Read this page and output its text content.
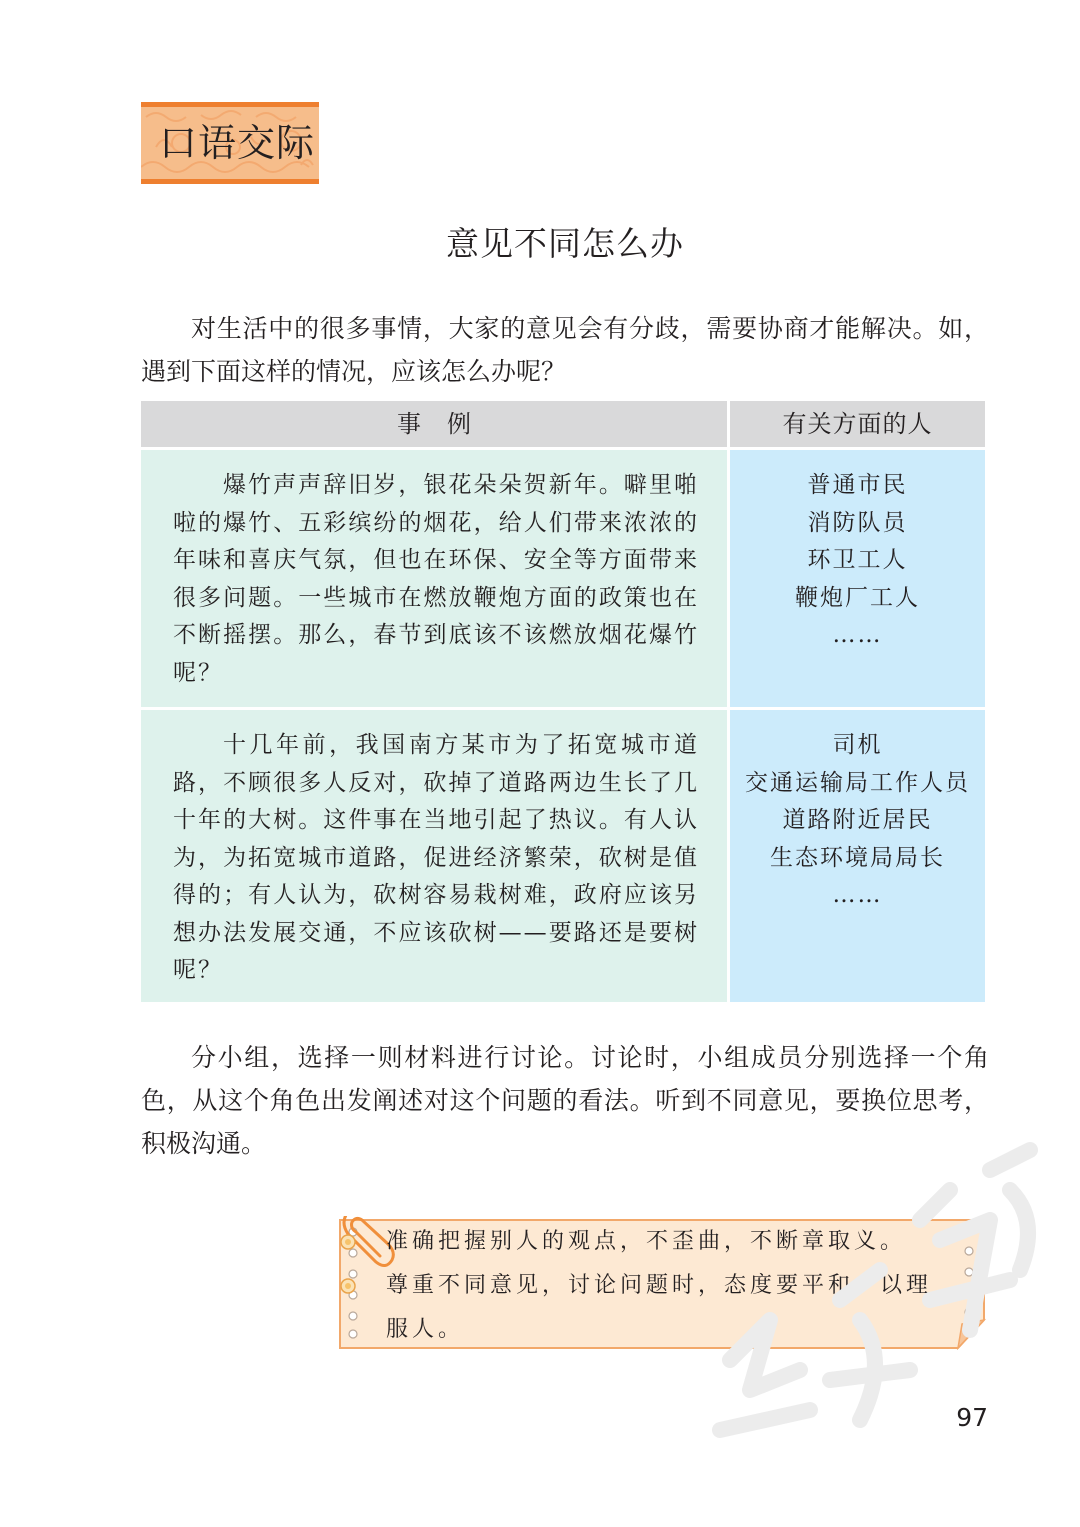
口语交际
意见不同怎么办
对生活中的很多事情，大家的意见会有分歧，需要协商才能解决。如，遇到下面这样的情况，应该怎么办呢？
事例	有关方面的人

爆竹声声辞旧岁，银花朵朵贺新年。噼里啪啦的爆竹、五彩缤纷的烟花，给人们带来浓浓的年味和喜庆气氛，但也在环保、安全等方面带来很多问题。一些城市在燃放鞭炮方面的政策也在不断摇摆。那么，春节到底该不该燃放烟花爆竹呢？

普通市民
消防队员
环卫工人
鞭炮厂工人
……

十几年前，我国南方某市为了拓宽城市道路，不顾很多人反对，砍掉了道路两边生长了几十年的大树。这件事在当地引起了热议。有人认为，为拓宽城市道路，促进经济繁荣，砍树是值得的；有人认为，砍树容易栽树难，政府应该另想办法发展交通，不应该砍树——要路还是要树呢？

司机
交通运输局工作人员
道路附近居民
生态环境局局长
……
分小组，选择一则材料进行讨论。讨论时，小组成员分别选择一个角色，从这个角色出发阐述对这个问题的看法。听到不同意见，要换位思考，积极沟通。
准确把握别人的观点，不歪曲，不断章取义。
尊重不同意见，讨论问题时，态度要平和，以理服人。
97
